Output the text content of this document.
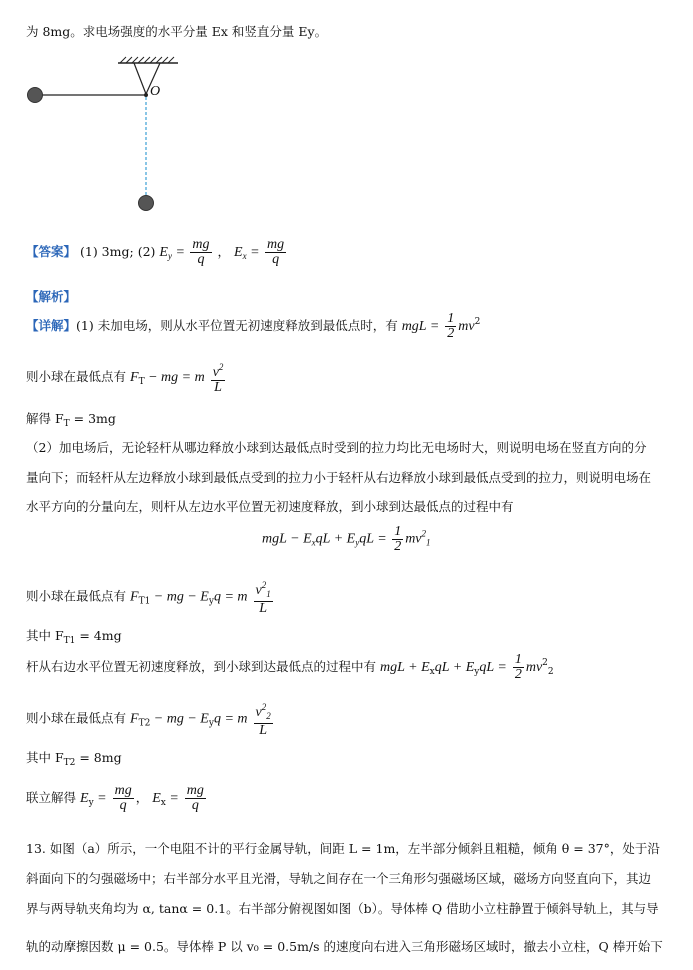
为 8mg。求电场强度的水平分量 Ex 和竖直分量 Ey。
O
【答案】 (1) 3mg; (2) $E_y = \frac{mg}{q}$ ， $E_x = \frac{mg}{q}$
【解析】
【详解】(1) 未加电场，则从水平位置无初速度释放到最低点时，有 mgL = $\frac{1}{2} mv^2$
则小球在最低点有 $F_T$ − mg = m $\frac{v^2}{L}$
解得 $F_T = 3mg$
（2）加电场后，无论轻杆从哪边释放小球到达最低点时受到的拉力均比无电场时大，则说明电场在竖直方向的分
量向下；而轻杆从左边释放小球到最低点受到的拉力小于轻杆从右边释放小球到最低点受到的拉力，则说明电场在
水平方向的分量向左，则杆从左边水平位置无初速度释放，到小球到达最低点的过程中有
mgL − $E_xqL + E_yqL = \frac{1}{2} mv^2_1$
则小球在最低点有 $F_{T1}$ − mg − $E_yq = m \frac{v^2_1}{L}$
其中 $F_{T1} = 4mg$
杆从右边水平位置无初速度释放，到小球到达最低点的过程中有 mgL + $E_xqL + E_yqL = \frac{1}{2} mv^2_2$
则小球在最低点有 $F_{T2}$ − mg − $E_yq = m \frac{v^2_2}{L}$
其中 $F_{T2} = 8mg$
联立解得 $E_y = \frac{mg}{q}$ ， $E_x = \frac{mg}{q}$
13. 如图（a）所示，一个电阻不计的平行金属导轨，间距 L = 1m，左半部分倾斜且粗糙，倾角 θ = 37°，处于沿
斜面向下的匀强磁场中；右半部分水平且光滑，导轨之间存在一个三角形匀强磁场区域，磁场方向竖直向下，其边
界与两导轨夹角均为 α, tanα = 0.1。右半部分俯视图如图（b）。导体棒 Q 借助小立柱静置于倾斜导轨上，其与导
轨的动摩擦因数 μ = 0.5。导体棒 P 以 v₀ = 0.5m/s 的速度向右进入三角形磁场区域时，撤去小立柱，Q 棒开始下
